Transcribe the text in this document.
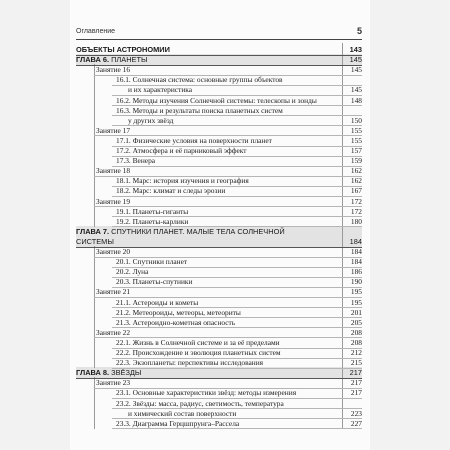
Оглавление	5
ОБЪЕКТЫ АСТРОНОМИИ	143
ГЛАВА 6. ПЛАНЕТЫ	145
Занятие 16	145
16.1. Солнечная система: основные группы объектов
и их характеристика	145
16.2. Методы изучения Солнечной системы: телескопы и зонды	148
16.3. Методы и результаты поиска планетных систем
у других звёзд	150
Занятие 17	155
17.1. Физические условия на поверхности планет	155
17.2. Атмосфера и её парниковый эффект	157
17.3. Венера	159
Занятие 18	162
18.1. Марс: история изучения и география	162
18.2. Марс: климат и следы эрозии	167
Занятие 19	172
19.1. Планеты-гиганты	172
19.2. Планеты-карлики	180
ГЛАВА 7. СПУТНИКИ ПЛАНЕТ. МАЛЫЕ ТЕЛА СОЛНЕЧНОЙ
СИСТЕМЫ	184
Занятие 20	184
20.1. Спутники планет	184
20.2. Луна	186
20.3. Планеты-спутники	190
Занятие 21	195
21.1. Астероиды и кометы	195
21.2. Метеороиды, метеоры, метеориты	201
21.3. Астероидно-кометная опасность	205
Занятие 22	208
22.1. Жизнь в Солнечной системе и за её пределами	208
22.2. Происхождение и эволюция планетных систем	212
22.3. Экзопланеты: перспективы исследования	215
ГЛАВА 8. ЗВЁЗДЫ	217
Занятие 23	217
23.1. Основные характеристики звёзд: методы измерения	217
23.2. Звёзды: масса, радиус, светимость, температура
и химический состав поверхности	223
23.3. Диаграмма Герцшпрунга–Рассела	227
